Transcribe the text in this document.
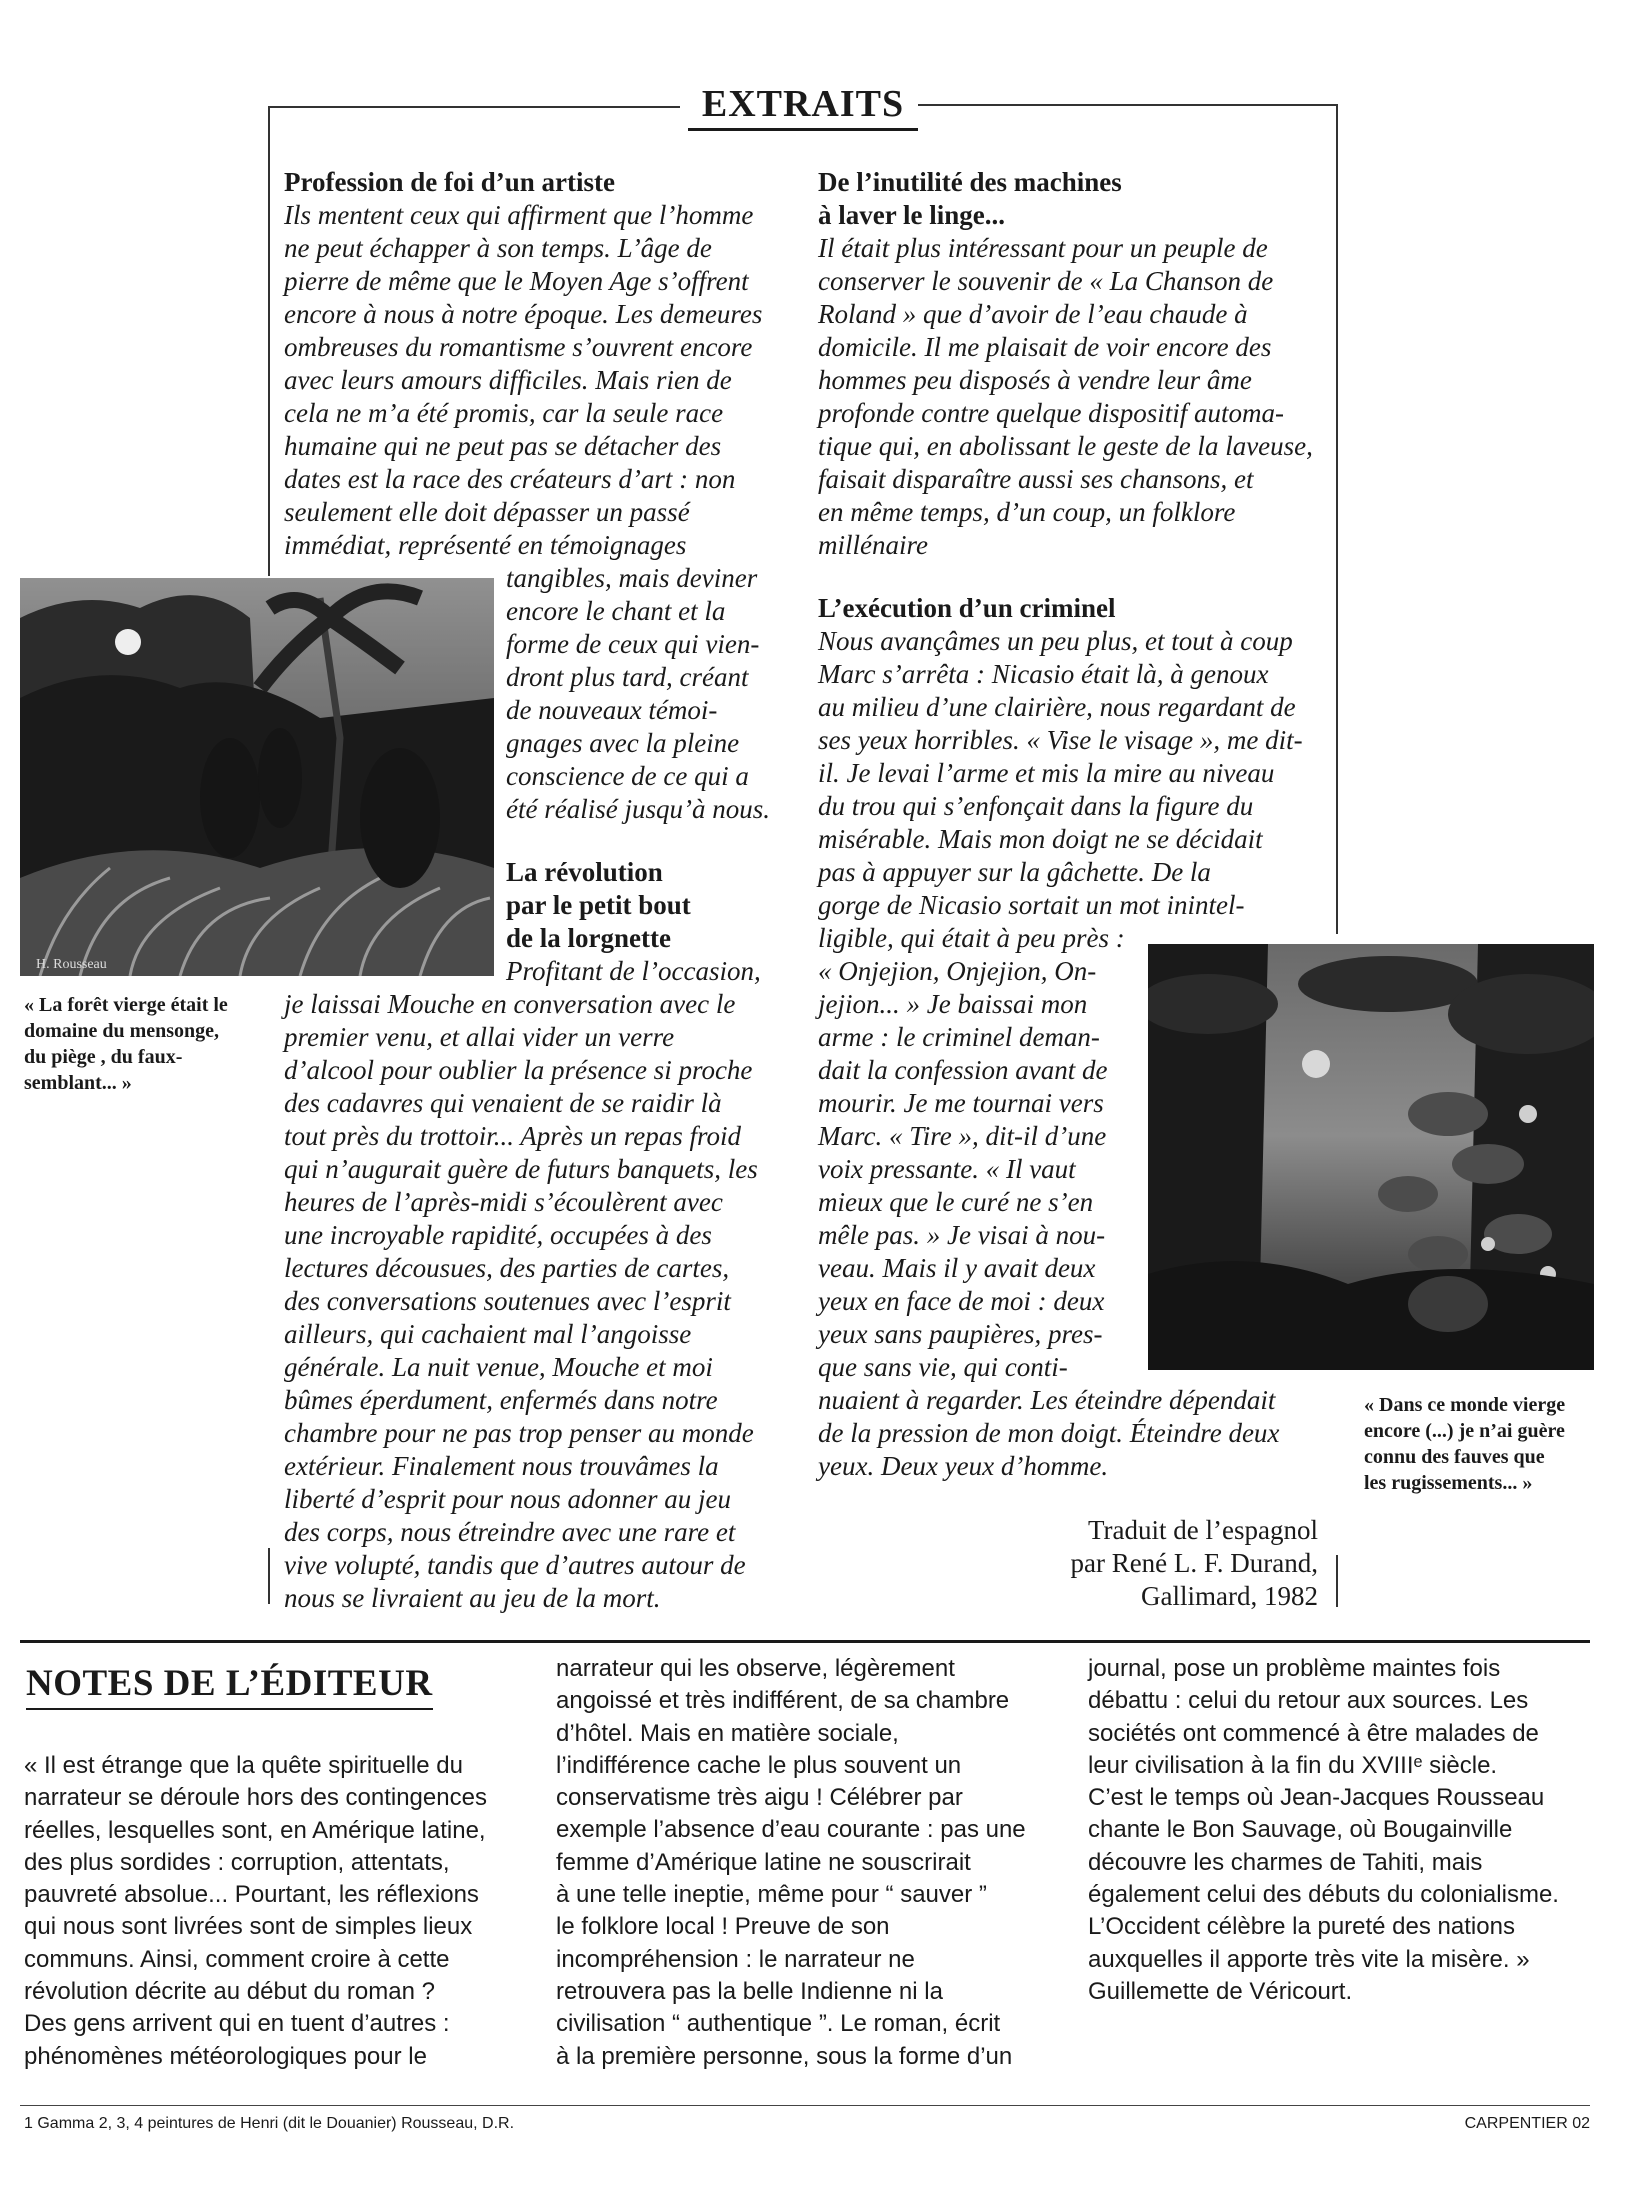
EXTRAITS
Profession de foi d’un artiste
Ils mentent ceux qui affirment que l’homme
ne peut échapper à son temps. L’âge de
pierre de même que le Moyen Age s’offrent
encore à nous à notre époque. Les demeures
ombreuses du romantisme s’ouvrent encore
avec leurs amours difficiles. Mais rien de
cela ne m’a été promis, car la seule race
humaine qui ne peut pas se détacher des
dates est la race des créateurs d’art : non
seulement elle doit dépasser un passé
immédiat, représenté en témoignages
tangibles, mais deviner
encore le chant et la
forme de ceux qui vien-
dront plus tard, créant
de nouveaux témoi-
gnages avec la pleine
conscience de ce qui a
été réalisé jusqu’à nous.
H. Rousseau
« La forêt vierge était le
domaine du mensonge,
du piège , du faux-
semblant... »
La révolution
par le petit bout
de la lorgnette
Profitant de l’occasion,
je laissai Mouche en conversation avec le
premier venu, et allai vider un verre
d’alcool pour oublier la présence si proche
des cadavres qui venaient de se raidir là
tout près du trottoir... Après un repas froid
qui n’augurait guère de futurs banquets, les
heures de l’après-midi s’écoulèrent avec
une incroyable rapidité, occupées à des
lectures décousues, des parties de cartes,
des conversations soutenues avec l’esprit
ailleurs, qui cachaient mal l’angoisse
générale. La nuit venue, Mouche et moi
bûmes éperdument, enfermés dans notre
chambre pour ne pas trop penser au monde
extérieur. Finalement nous trouvâmes la
liberté d’esprit pour nous adonner au jeu
des corps, nous étreindre avec une rare et
vive volupté, tandis que d’autres autour de
nous se livraient au jeu de la mort.
De l’inutilité des machines
à laver le linge...
Il était plus intéressant pour un peuple de
conserver le souvenir de « La Chanson de
Roland » que d’avoir de l’eau chaude à
domicile. Il me plaisait de voir encore des
hommes peu disposés à vendre leur âme
profonde contre quelque dispositif automa-
tique qui, en abolissant le geste de la laveuse,
faisait disparaître aussi ses chansons, et
en même temps, d’un coup, un folklore
millénaire
L’exécution d’un criminel
Nous avançâmes un peu plus, et tout à coup
Marc s’arrêta : Nicasio était là, à genoux
au milieu d’une clairière, nous regardant de
ses yeux horribles. « Vise le visage », me dit-
il. Je levai l’arme et mis la mire au niveau
du trou qui s’enfonçait dans la figure du
misérable. Mais mon doigt ne se décidait
pas à appuyer sur la gâchette. De la
gorge de Nicasio sortait un mot inintel-
ligible, qui était à peu près :
« Onjejion, Onjejion, On-
jejion... » Je baissai mon
arme : le criminel deman-
dait la confession avant de
mourir. Je me tournai vers
Marc. « Tire », dit-il d’une
voix pressante. « Il vaut
mieux que le curé ne s’en
mêle pas. » Je visai à nou-
veau. Mais il y avait deux
yeux en face de moi : deux
yeux sans paupières, pres-
que sans vie, qui conti-
nuaient à regarder. Les éteindre dépendait
de la pression de mon doigt. Éteindre deux
yeux. Deux yeux d’homme.
Traduit de l’espagnol
par René L. F. Durand,
Gallimard, 1982
« Dans ce monde vierge
encore (...) je n’ai guère
connu des fauves que
les rugissements... »
NOTES DE L’ÉDITEUR
« Il est étrange que la quête spirituelle du
narrateur se déroule hors des contingences
réelles, lesquelles sont, en Amérique latine,
des plus sordides : corruption, attentats,
pauvreté absolue... Pourtant, les réflexions
qui nous sont livrées sont de simples lieux
communs. Ainsi, comment croire à cette
révolution décrite au début du roman ?
Des gens arrivent qui en tuent d’autres :
phénomènes météorologiques pour le
narrateur qui les observe, légèrement
angoissé et très indifférent, de sa chambre
d’hôtel. Mais en matière sociale,
l’indifférence cache le plus souvent un
conservatisme très aigu ! Célébrer par
exemple l’absence d’eau courante : pas une
femme d’Amérique latine ne souscrirait
à une telle ineptie, même pour “ sauver ”
le folklore local ! Preuve de son
incompréhension : le narrateur ne
retrouvera pas la belle Indienne ni la
civilisation “ authentique ”. Le roman, écrit
à la première personne, sous la forme d’un
journal, pose un problème maintes fois
débattu : celui du retour aux sources. Les
sociétés ont commencé à être malades de
leur civilisation à la fin du XVIIIᵉ siècle.
C’est le temps où Jean-Jacques Rousseau
chante le Bon Sauvage, où Bougainville
découvre les charmes de Tahiti, mais
également celui des débuts du colonialisme.
L’Occident célèbre la pureté des nations
auxquelles il apporte très vite la misère. »
Guillemette de Véricourt.
1 Gamma 2, 3, 4 peintures de Henri (dit le Douanier) Rousseau, D.R.	CARPENTIER 02
